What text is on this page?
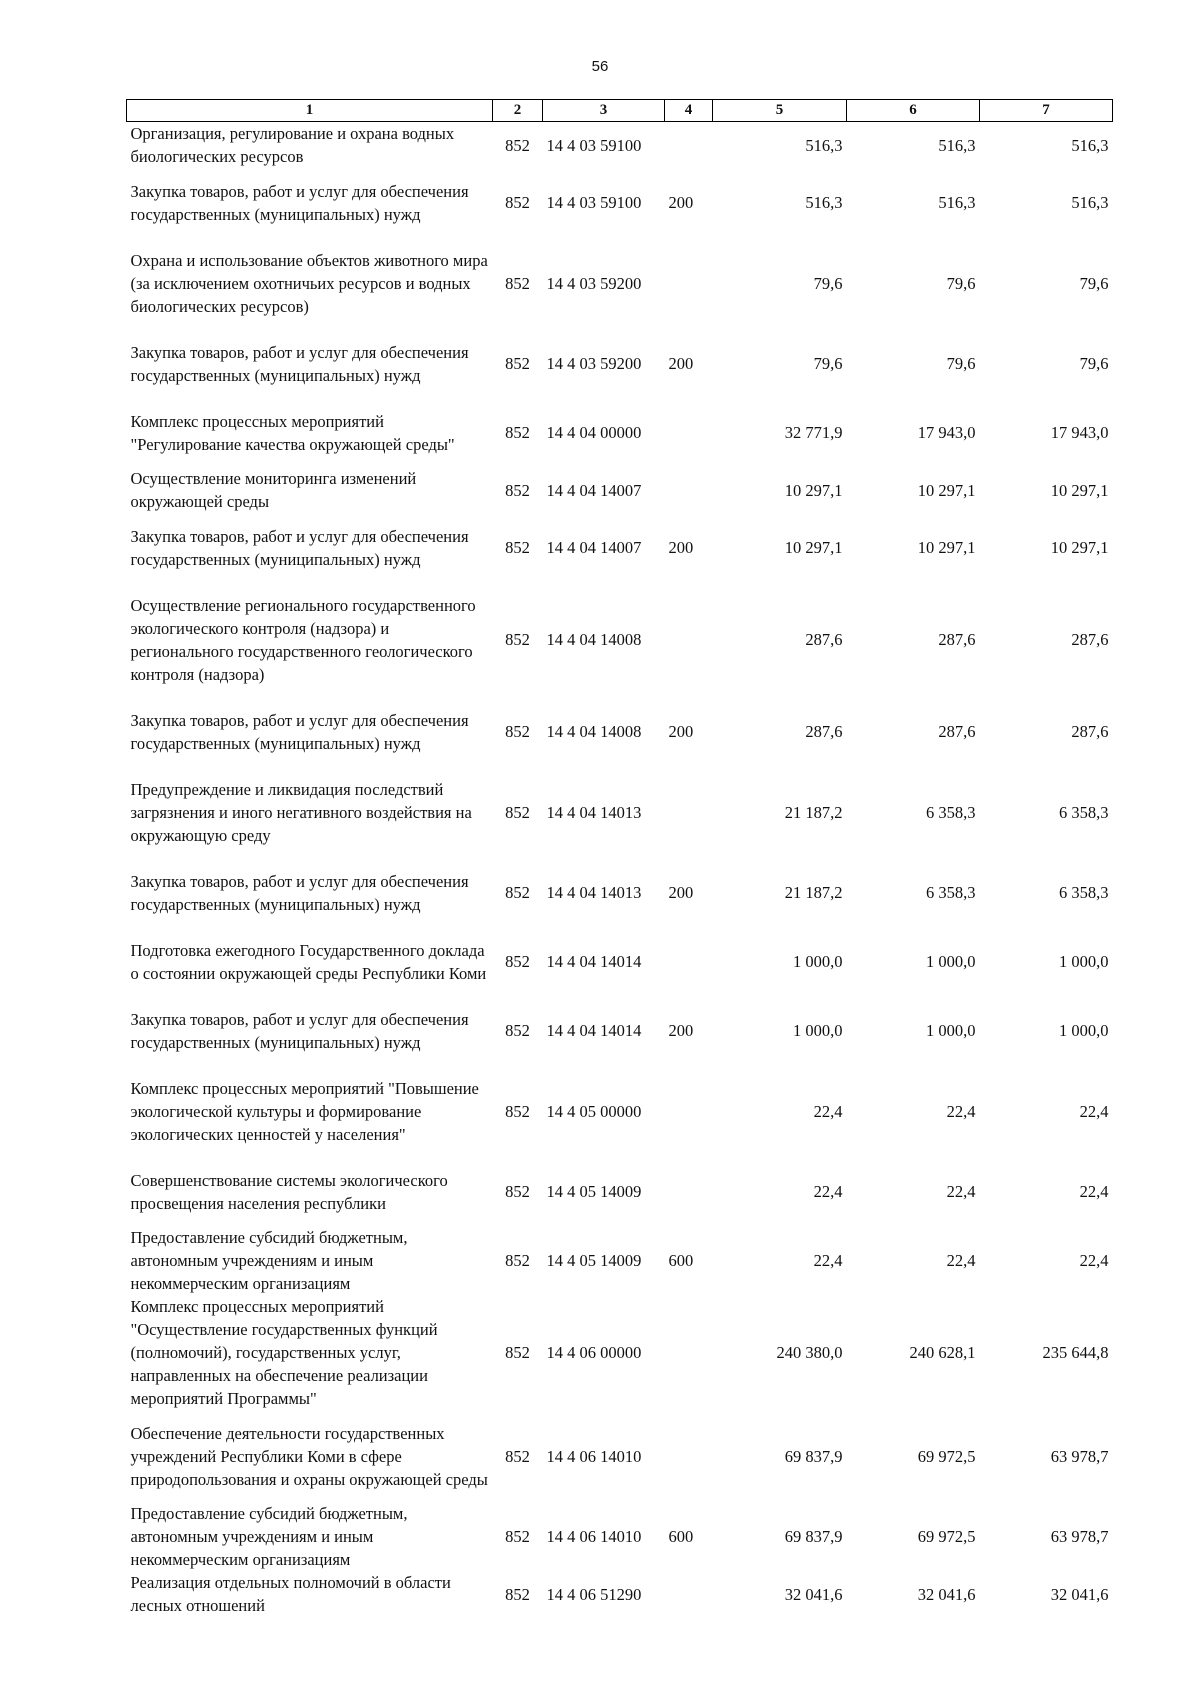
56
1	2	3	4	5	6	7
Организация, регулирование и охрана водных биологических ресурсов	852	14 4 03 59100		516,3	516,3	516,3
Закупка товаров, работ и услуг для обеспечения государственных (муниципальных) нужд	852	14 4 03 59100	200	516,3	516,3	516,3
Охрана и использование объектов животного мира (за исключением охотничьих ресурсов и водных биологических ресурсов)	852	14 4 03 59200		79,6	79,6	79,6
Закупка товаров, работ и услуг для обеспечения государственных (муниципальных) нужд	852	14 4 03 59200	200	79,6	79,6	79,6
Комплекс процессных мероприятий "Регулирование качества окружающей среды"	852	14 4 04 00000		32 771,9	17 943,0	17 943,0
Осуществление мониторинга изменений окружающей среды	852	14 4 04 14007		10 297,1	10 297,1	10 297,1
Закупка товаров, работ и услуг для обеспечения государственных (муниципальных) нужд	852	14 4 04 14007	200	10 297,1	10 297,1	10 297,1
Осуществление регионального государственного экологического контроля (надзора) и регионального государственного геологического контроля (надзора)	852	14 4 04 14008		287,6	287,6	287,6
Закупка товаров, работ и услуг для обеспечения государственных (муниципальных) нужд	852	14 4 04 14008	200	287,6	287,6	287,6
Предупреждение и ликвидация последствий загрязнения и иного негативного воздействия на окружающую среду	852	14 4 04 14013		21 187,2	6 358,3	6 358,3
Закупка товаров, работ и услуг для обеспечения государственных (муниципальных) нужд	852	14 4 04 14013	200	21 187,2	6 358,3	6 358,3
Подготовка ежегодного Государственного доклада о состоянии окружающей среды Республики Коми	852	14 4 04 14014		1 000,0	1 000,0	1 000,0
Закупка товаров, работ и услуг для обеспечения государственных (муниципальных) нужд	852	14 4 04 14014	200	1 000,0	1 000,0	1 000,0
Комплекс процессных мероприятий "Повышение экологической культуры и формирование экологических ценностей у населения"	852	14 4 05 00000		22,4	22,4	22,4
Совершенствование системы экологического просвещения населения республики	852	14 4 05 14009		22,4	22,4	22,4
Предоставление субсидий бюджетным, автономным учреждениям и иным некоммерческим организациям	852	14 4 05 14009	600	22,4	22,4	22,4
Комплекс процессных мероприятий "Осуществление государственных функций (полномочий), государственных услуг, направленных на обеспечение реализации мероприятий Программы"	852	14 4 06 00000		240 380,0	240 628,1	235 644,8
Обеспечение деятельности государственных учреждений Республики Коми в сфере природопользования и охраны окружающей среды	852	14 4 06 14010		69 837,9	69 972,5	63 978,7
Предоставление субсидий бюджетным, автономным учреждениям и иным некоммерческим организациям	852	14 4 06 14010	600	69 837,9	69 972,5	63 978,7
Реализация отдельных полномочий в области лесных отношений	852	14 4 06 51290		32 041,6	32 041,6	32 041,6
